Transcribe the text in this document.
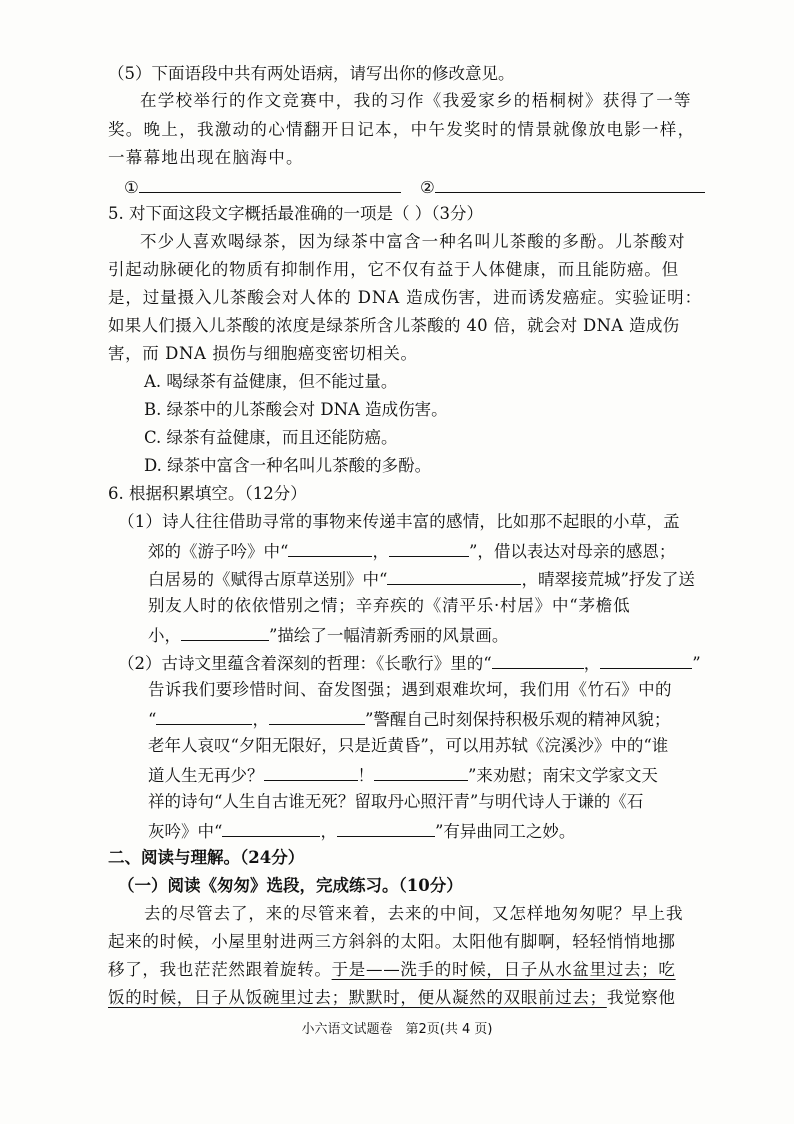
（5）下面语段中共有两处语病，请写出你的修改意见。
在学校举行的作文竞赛中，我的习作《我爱家乡的梧桐树》获得了一等
奖。晚上，我激动的心情翻开日记本，中午发奖时的情景就像放电影一样，
一幕幕地出现在脑海中。
①	②
5. 对下面这段文字概括最准确的一项是（ ）（3分）
不少人喜欢喝绿茶，因为绿茶中富含一种名叫儿茶酸的多酚。儿茶酸对
引起动脉硬化的物质有抑制作用，它不仅有益于人体健康，而且能防癌。但
是，过量摄入儿茶酸会对人体的 DNA 造成伤害，进而诱发癌症。实验证明：
如果人们摄入儿茶酸的浓度是绿茶所含儿茶酸的 40 倍，就会对 DNA 造成伤
害，而 DNA 损伤与细胞癌变密切相关。
A. 喝绿茶有益健康，但不能过量。
B. 绿茶中的儿茶酸会对 DNA 造成伤害。
C. 绿茶有益健康，而且还能防癌。
D. 绿茶中富含一种名叫儿茶酸的多酚。
6. 根据积累填空。（12分）
（1）诗人往往借助寻常的事物来传递丰富的感情，比如那不起眼的小草，孟
郊的《游子吟》中“	，	”，借以表达对母亲的感恩；
白居易的《赋得古原草送别》中“	，晴翠接荒城”抒发了送
别友人时的依依惜别之情；辛弃疾的《清平乐·村居》中“茅檐低
小，	”描绘了一幅清新秀丽的风景画。
（2）古诗文里蕴含着深刻的哲理：《长歌行》里的“	，	”
告诉我们要珍惜时间、奋发图强；遇到艰难坎坷，我们用《竹石》中的
“	，	”警醒自己时刻保持积极乐观的精神风貌；
老年人哀叹“夕阳无限好，只是近黄昏”，可以用苏轼《浣溪沙》中的“谁
道人生无再少？	！	”来劝慰；南宋文学家文天
祥的诗句“人生自古谁无死？留取丹心照汗青”与明代诗人于谦的《石
灰吟》中“	，	”有异曲同工之妙。
二、阅读与理解。（24分）
（一）阅读《匆匆》选段，完成练习。（10分）
去的尽管去了，来的尽管来着，去来的中间，又怎样地匆匆呢？早上我
起来的时候，小屋里射进两三方斜斜的太阳。太阳他有脚啊，轻轻悄悄地挪
移了，我也茫茫然跟着旋转。于是——洗手的时候，日子从水盆里过去；吃
饭的时候，日子从饭碗里过去；默默时，便从凝然的双眼前过去；我觉察他
小六语文试题卷　第2页(共 4 页)
